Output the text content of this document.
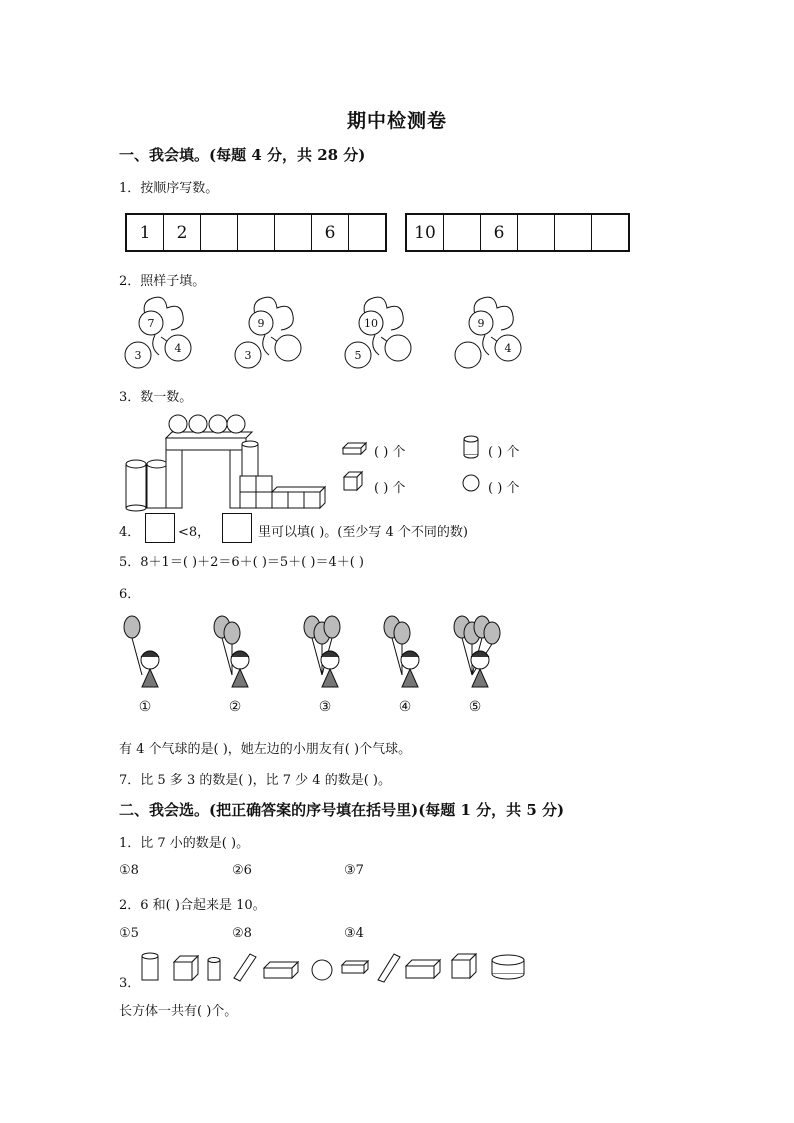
期中检测卷
一、我会填。(每题 4 分，共 28 分)
1．按顺序写数。
1	2				6		10		6			
2．照样子填。
7
3
4
9
3
10
5
9
4
3．数一数。
( ) 个
( ) 个
( ) 个
( ) 个
4．	<8，	里可以填( )。(至少写 4 个不同的数)
5．8＋1＝( )＋2＝6＋( )＝5＋( )＝4＋( )
6．
①	②	③	④	⑤
有 4 个气球的是( )，她左边的小朋友有( )个气球。
7．比 5 多 3 的数是( )，比 7 少 4 的数是( )。
二、我会选。(把正确答案的序号填在括号里)(每题 1 分，共 5 分)
1．比 7 小的数是( )。
①8	②6	③7
2．6 和( )合起来是 10。
①5	②8	③4
3．
长方体一共有( )个。
